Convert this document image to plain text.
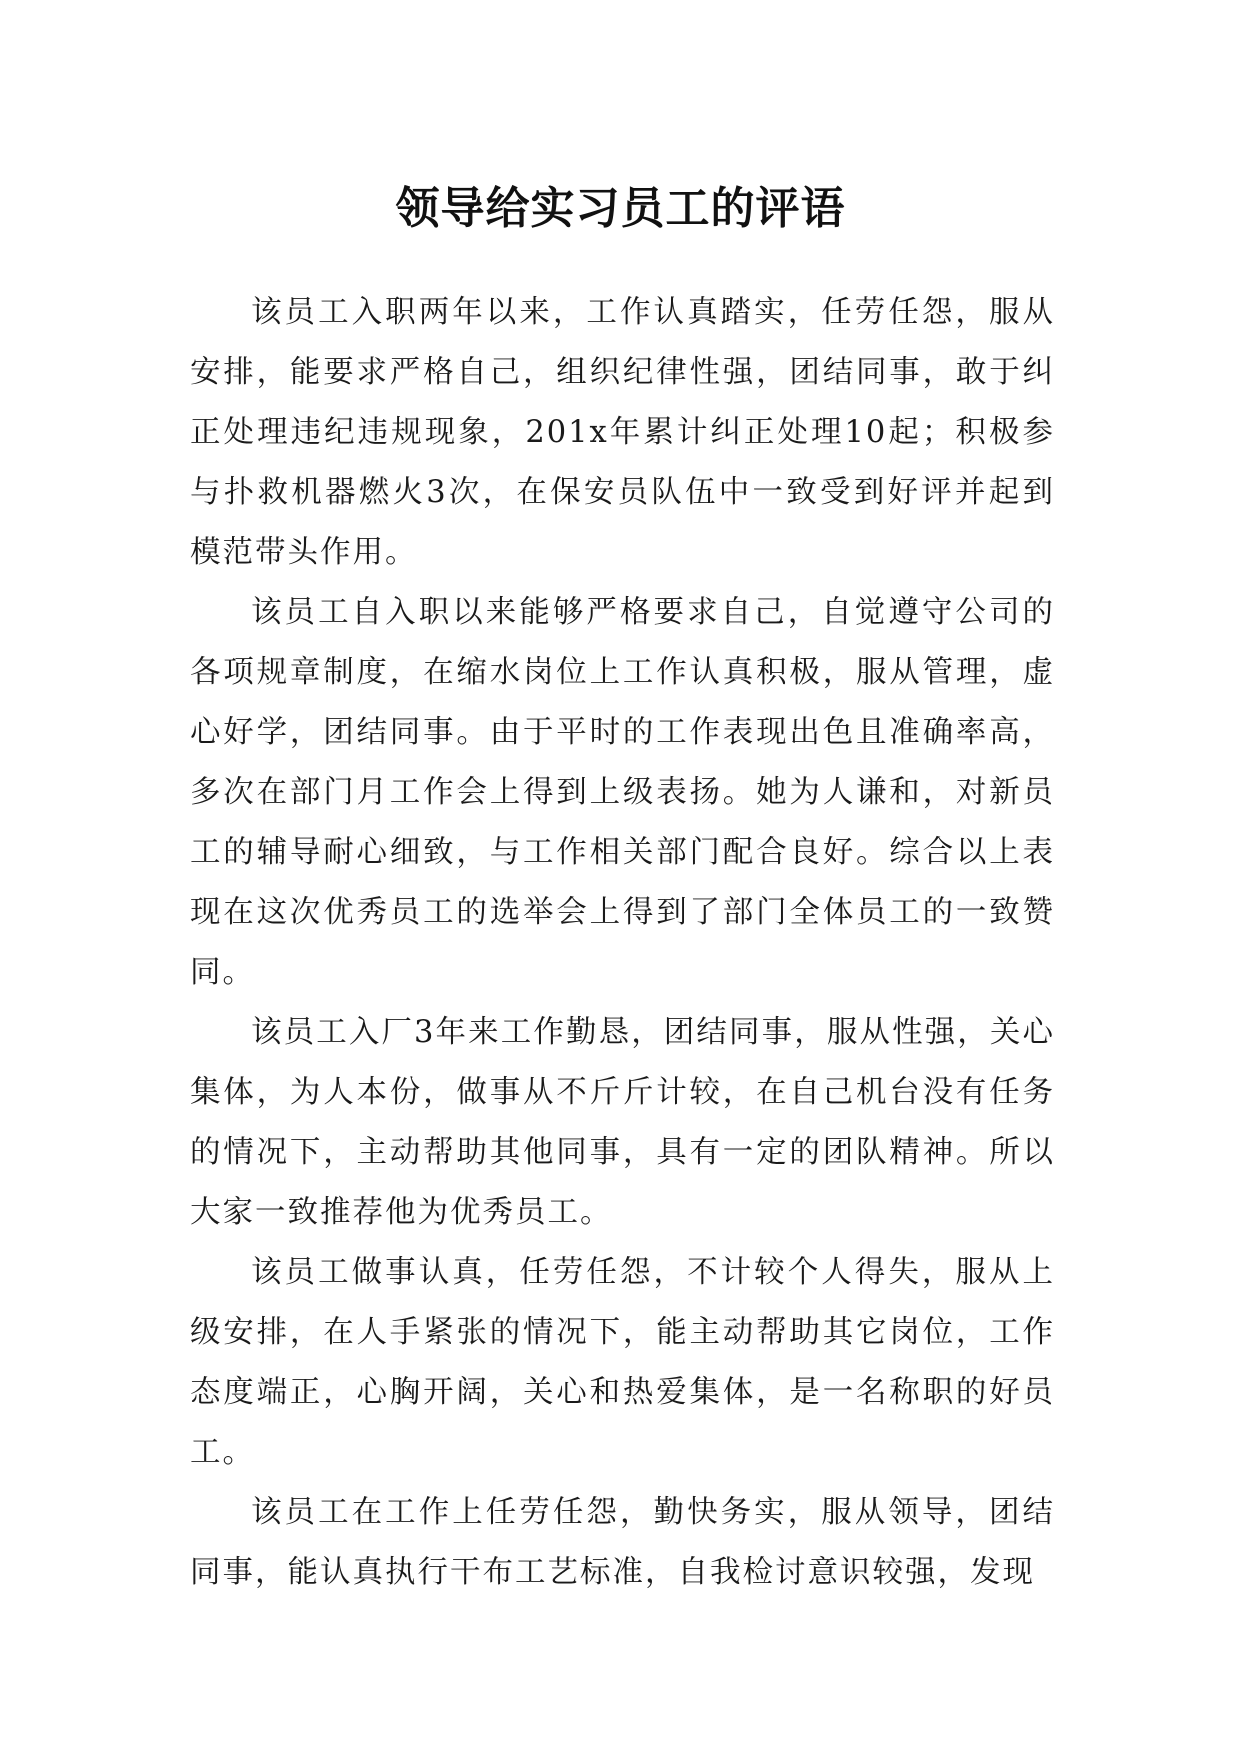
领导给实习员工的评语

该员工入职两年以来，工作认真踏实，任劳任怨，服从安排，能要求严格自己，组织纪律性强，团结同事，敢于纠正处理违纪违规现象，201x年累计纠正处理10起；积极参与扑救机器燃火3次，在保安员队伍中一致受到好评并起到模范带头作用。

该员工自入职以来能够严格要求自己，自觉遵守公司的各项规章制度，在缩水岗位上工作认真积极，服从管理，虚心好学，团结同事。由于平时的工作表现出色且准确率高，多次在部门月工作会上得到上级表扬。她为人谦和，对新员工的辅导耐心细致，与工作相关部门配合良好。综合以上表现在这次优秀员工的选举会上得到了部门全体员工的一致赞同。

该员工入厂3年来工作勤恳，团结同事，服从性强，关心集体，为人本份，做事从不斤斤计较，在自己机台没有任务的情况下，主动帮助其他同事，具有一定的团队精神。所以大家一致推荐他为优秀员工。

该员工做事认真，任劳任怨，不计较个人得失，服从上级安排，在人手紧张的情况下，能主动帮助其它岗位，工作态度端正，心胸开阔，关心和热爱集体，是一名称职的好员工。

该员工在工作上任劳任怨，勤快务实，服从领导，团结同事，能认真执行干布工艺标准，自我检讨意识较强，发现
